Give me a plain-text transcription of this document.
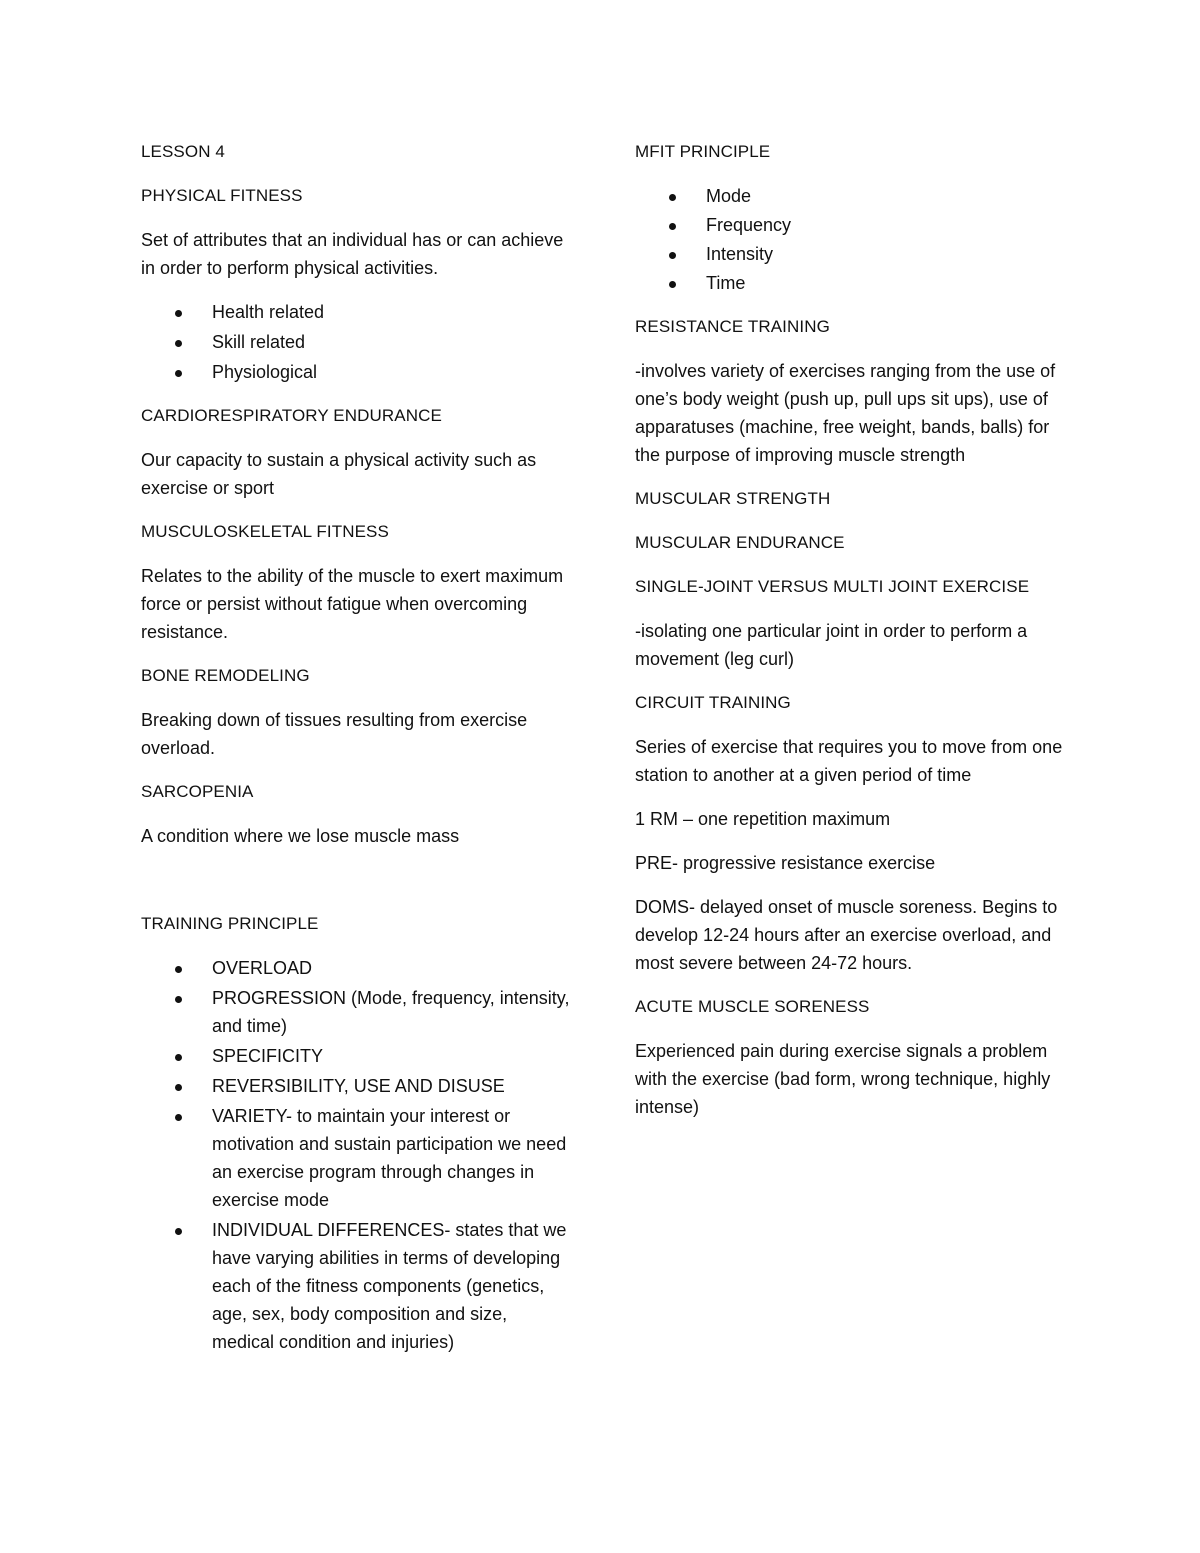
LESSON 4
PHYSICAL FITNESS
Set of attributes that an individual has or can achieve in order to perform physical activities.
Health related
Skill related
Physiological
CARDIORESPIRATORY ENDURANCE
Our capacity to sustain a physical activity such as exercise or sport
MUSCULOSKELETAL FITNESS
Relates to the ability of the muscle to exert maximum force or persist without fatigue when overcoming resistance.
BONE REMODELING
Breaking down of tissues resulting from exercise overload.
SARCOPENIA
A condition where we lose muscle mass
TRAINING PRINCIPLE
OVERLOAD
PROGRESSION (Mode, frequency, intensity, and time)
SPECIFICITY
REVERSIBILITY, USE AND DISUSE
VARIETY- to maintain your interest or motivation and sustain participation we need an exercise program through changes in exercise mode
INDIVIDUAL DIFFERENCES- states that we have varying abilities in terms of developing each of the fitness components (genetics, age, sex, body composition and size, medical condition and injuries)
MFIT PRINCIPLE
Mode
Frequency
Intensity
Time
RESISTANCE TRAINING
-involves variety of exercises ranging from the use of one’s body weight (push up, pull ups sit ups), use of apparatuses (machine, free weight, bands, balls) for the purpose of improving muscle strength
MUSCULAR STRENGTH
MUSCULAR ENDURANCE
SINGLE-JOINT VERSUS MULTI JOINT EXERCISE
-isolating one particular joint in order to perform a movement (leg curl)
CIRCUIT TRAINING
Series of exercise that requires you to move from one station to another at a given period of time
1 RM – one repetition maximum
PRE- progressive resistance exercise
DOMS- delayed onset of muscle soreness. Begins to develop 12-24 hours after an exercise overload, and most severe between 24-72 hours.
ACUTE MUSCLE SORENESS
Experienced pain during exercise signals a problem with the exercise (bad form, wrong technique, highly intense)
